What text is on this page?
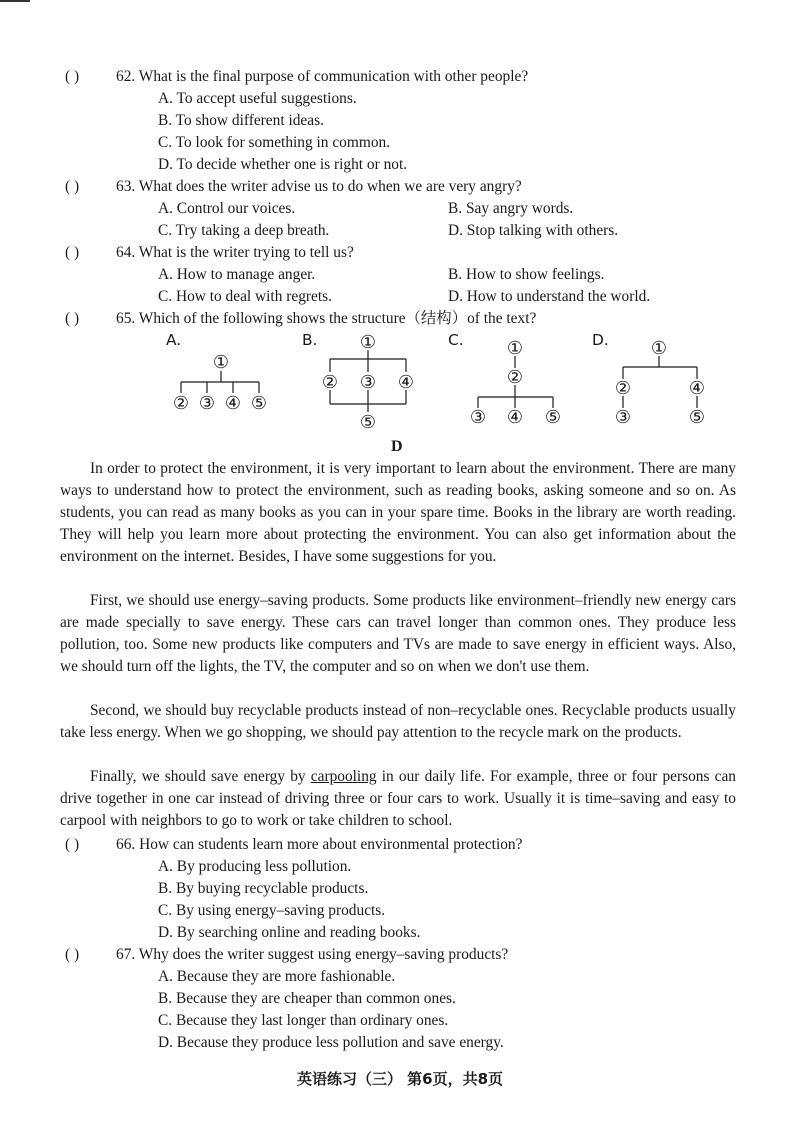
( ) 62. What is the final purpose of communication with other people?
A. To accept useful suggestions.
B. To show different ideas.
C. To look for something in common.
D. To decide whether one is right or not.
( ) 63. What does the writer advise us to do when we are very angry?
A. Control our voices.	B. Say angry words.
C. Try taking a deep breath.	D. Stop talking with others.
( ) 64. What is the writer trying to tell us?
A. How to manage anger.	B. How to show feelings.
C. How to deal with regrets.	D. How to understand the world.
( ) 65. Which of the following shows the structure（结构）of the text?
A.
①
② ③ ④ ⑤
B. ①
② ③ ④
⑤
C. ①
②
③ ④ ⑤
D. ①
②
③
④
⑤
D

In order to protect the environment, it is very important to learn about the environment. There are many ways to understand how to protect the environment, such as reading books, asking someone and so on. As students, you can read as many books as you can in your spare time. Books in the library are worth reading. They will help you learn more about protecting the environment. You can also get information about the environment on the internet. Besides, I have some suggestions for you.

First, we should use energy–saving products. Some products like environment–friendly new energy cars are made specially to save energy. These cars can travel longer than common ones. They produce less pollution, too. Some new products like computers and TVs are made to save energy in efficient ways. Also, we should turn off the lights, the TV, the computer and so on when we don't use them.

Second, we should buy recyclable products instead of non–recyclable ones. Recyclable products usually take less energy. When we go shopping, we should pay attention to the recycle mark on the products.

Finally, we should save energy by carpooling in our daily life. For example, three or four persons can drive together in one car instead of driving three or four cars to work. Usually it is time–saving and easy to carpool with neighbors to go to work or take children to school.

( ) 66. How can students learn more about environmental protection?
A. By producing less pollution.
B. By buying recyclable products.
C. By using energy–saving products.
D. By searching online and reading books.
( ) 67. Why does the writer suggest using energy–saving products?
A. Because they are more fashionable.
B. Because they are cheaper than common ones.
C. Because they last longer than ordinary ones.
D. Because they produce less pollution and save energy.
英语练习（三） 第6页，共8页
